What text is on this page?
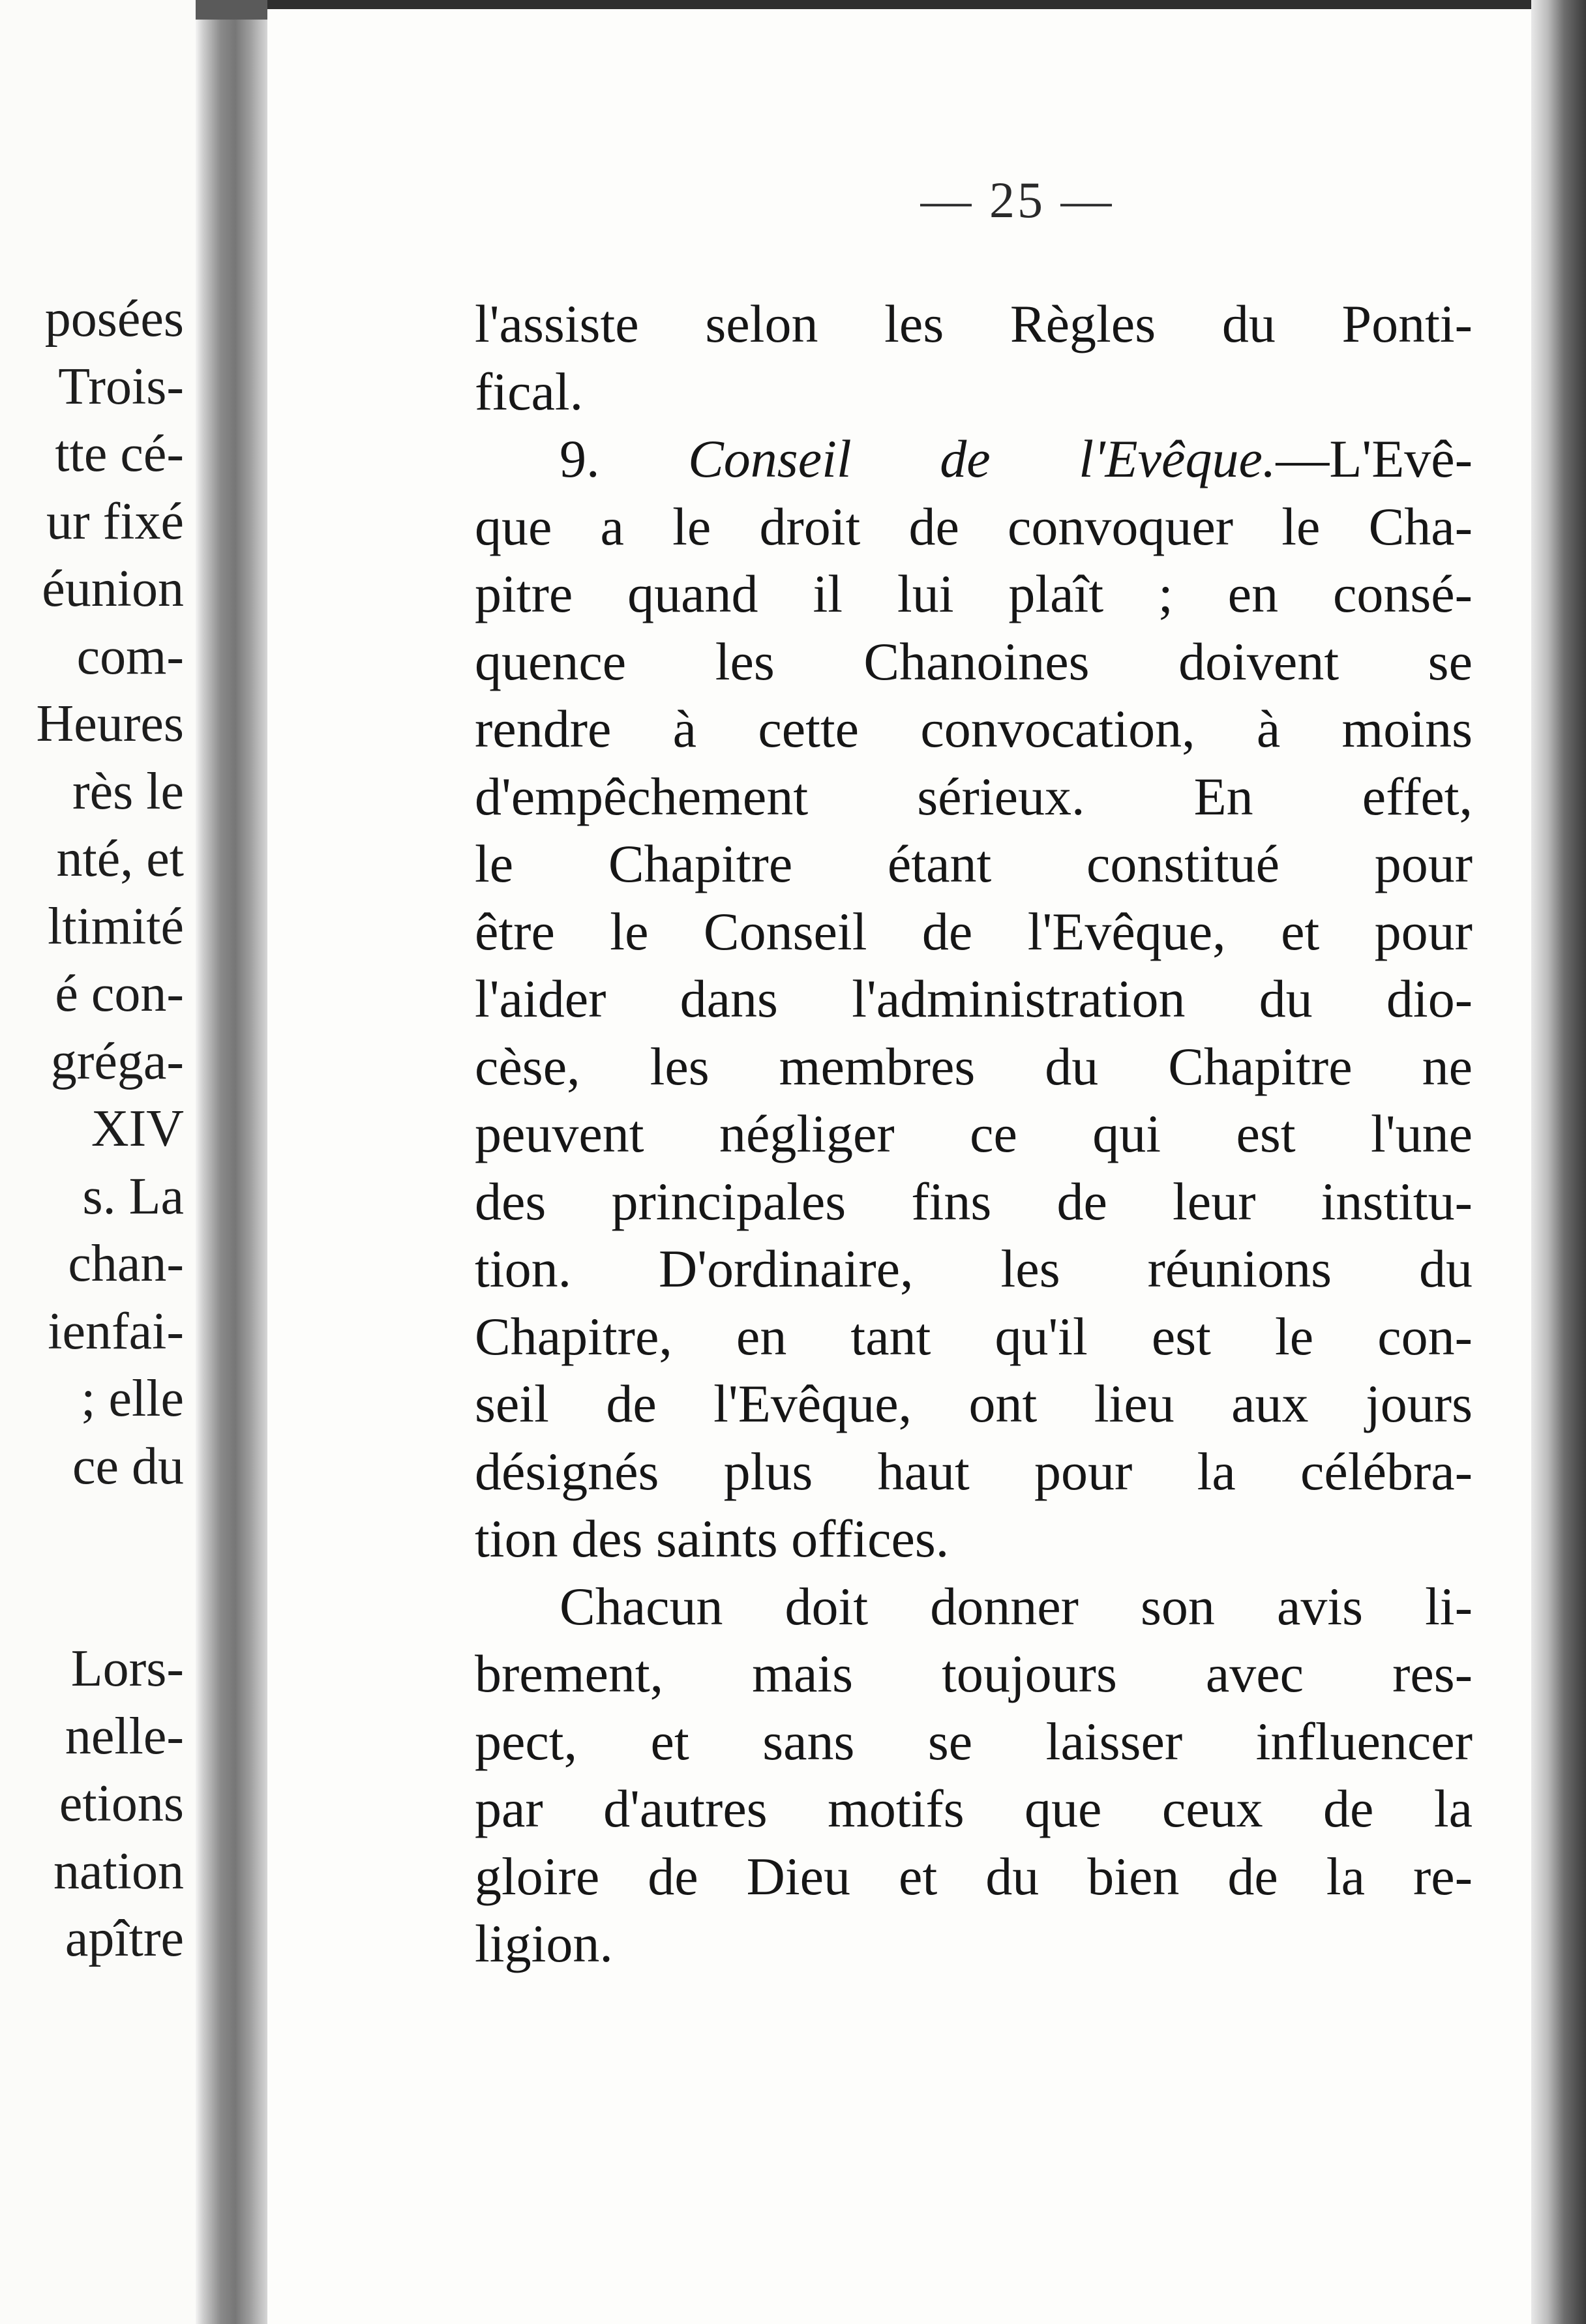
posées
Trois-
tte cé-
ur fixé
éunion
com-
Heures
rès le
nté, et
ltimité
é con-
grégа-
XIV
s. La
chan-
ienfai-
; elle
ce du
Lors-
nelle-
etions
nation
apître
— 25 —
l'assiste selon les Règles du Ponti-
fical.
9. Conseil de l'Evêque.—L'Evê-
que a le droit de convoquer le Cha-
pitre quand il lui plaît ; en consé-
quence les Chanoines doivent se
rendre à cette convocation, à moins
d'empêchement sérieux. En effet,
le Chapitre étant constitué pour
être le Conseil de l'Evêque, et pour
l'aider dans l'administration du dio-
cèse, les membres du Chapitre ne
peuvent négliger ce qui est l'une
des principales fins de leur institu-
tion. D'ordinaire, les réunions du
Chapitre, en tant qu'il est le con-
seil de l'Evêque, ont lieu aux jours
désignés plus haut pour la célébra-
tion des saints offices.
Chacun doit donner son avis li-
brement, mais toujours avec res-
pect, et sans se laisser influencer
par d'autres motifs que ceux de la
gloire de Dieu et du bien de la re-
ligion.
